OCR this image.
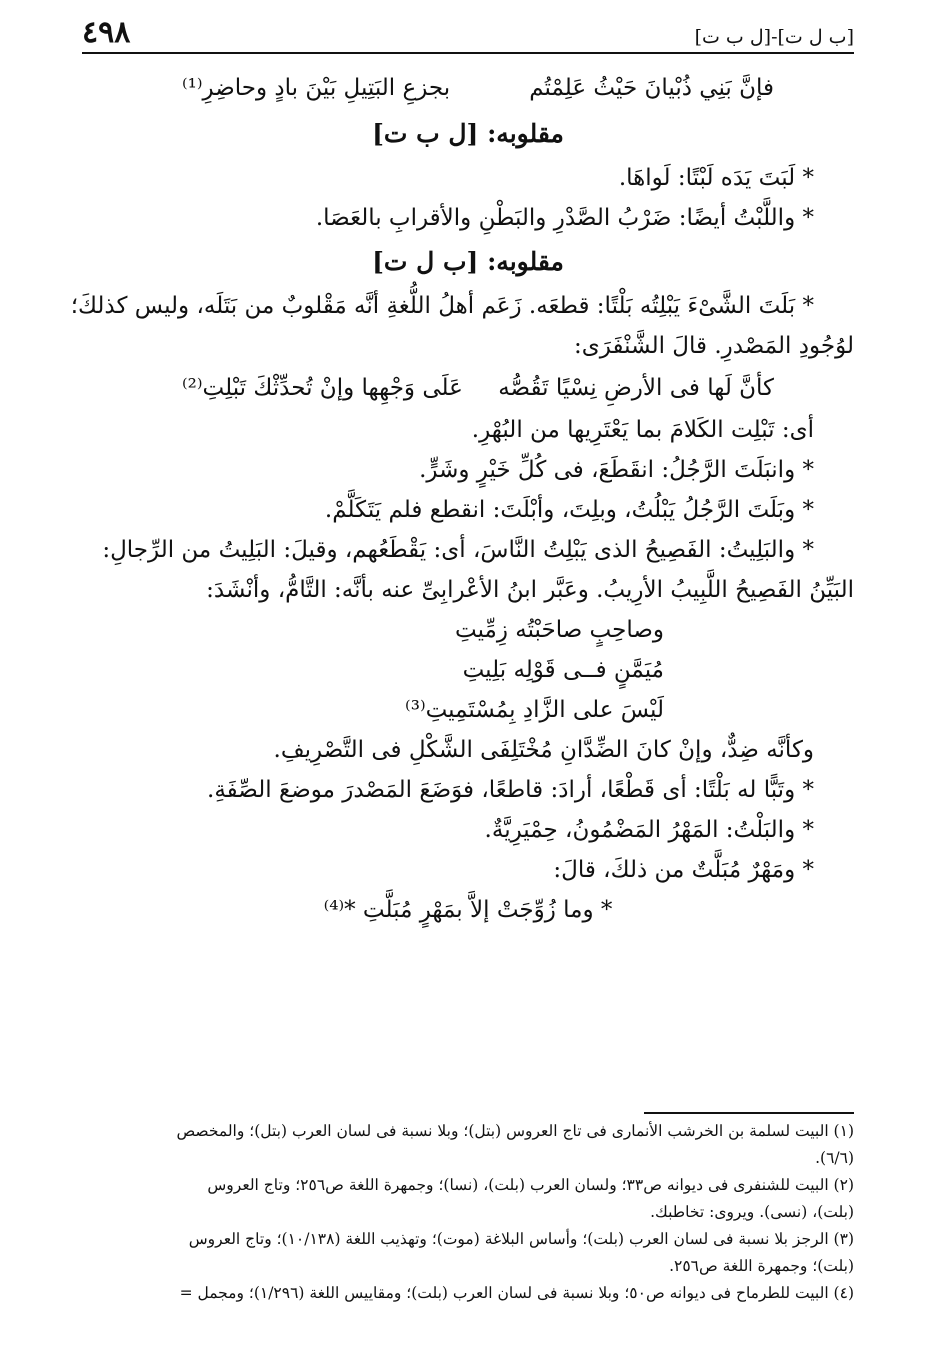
٤٩٨	[ل ب ت]-[ب ل ت]
فإنَّ بَنِي ذُبْيانَ حَيْثُ عَلِمْتُم
بجزعِ البَتِيلِ بَيْنَ بادٍ وحاضِرِ⁽¹⁾
مقلوبه: [ل ب ت]
* لَبَتَ يَدَه لَبْتًا: لَواهَا.
* واللَّبْتُ أيضًا: ضَرْبُ الصَّدْرِ والبَطْنِ والأقرابِ بالعَصَا.
مقلوبه: [ب ل ت]
* بَلَتَ الشَّىْءَ يَبْلِتُه بَلْتًا: قطعَه. زَعَم أهلُ اللُّغةِ أنَّه مَقْلوبٌ من بَتَلَه، وليس كذلكَ؛
لوُجُودِ المَصْدرِ. قالَ الشَّنْفَرَى:
كأنَّ لَها فى الأرضِ نِسْيًا تَقُصُّه
عَلَى وَجْهِها وإنْ تُحدِّثْكَ تَبْلِتِ⁽²⁾
أى: تَبْلِت الكَلامَ بما يَعْتَرِيها من البُهْرِ.
* وانبَلَتَ الرَّجُلُ: انقَطَعَ، فى كُلِّ خَيْرٍ وشَرٍّ.
* وبَلَتَ الرَّجُلُ يَبْلُتُ، وبلِتَ، وأبْلَتَ: انقطع فلم يَتَكَلَّمْ.
* والبَلِيتُ: الفَصِيحُ الذى يَبْلِتُ النَّاسَ، أى: يَقْطَعُهم، وقيلَ: البَلِيتُ من الرِّجالِ:
البَيِّنُ الفَصِيحُ اللَّبِيبُ الأرِيبُ. وعَبَّر ابنُ الأعْرابِىِّ عنه بأنَّه: التَّامُّ، وأنْشَدَ:
وصاحِبٍ صاحَبْتُه زِمِّيتِ
مُيَمَّنٍ فــى قَوْلِه بَلِيتِ
لَيْسَ على الزَّادِ بِمُسْتَمِيتِ⁽³⁾
وكأنَّه ضِدٌّ، وإنْ كانَ الضِّدَّانِ مُخْتَلِفَى الشَّكْلِ فى التَّصْرِيفِ.
* وتَبًّا له بَلْتًا: أى قَطْعًا، أرادَ: قاطعًا، فوَضَعَ المَصْدرَ موضعَ الصِّفَةِ.
* والبَلْتُ: المَهْرُ المَضْمُونُ، حِمْيَرِيَّةٌ.
* ومَهْرٌ مُبَلَّتٌ من ذلكَ، قالَ:
* وما زُوِّجَتْ إلاَّ بمَهْرٍ مُبَلَّتِ *⁽⁴⁾

(١) البيت لسلمة بن الخرشب الأنمارى فى تاج العروس (بتل)؛ وبلا نسبة فى لسان العرب (بتل)؛ والمخصص

(٦/٦).

(٢) البيت للشنفرى فى ديوانه ص٣٣؛ ولسان العرب (بلت)، (نسا)؛ وجمهرة اللغة ص٢٥٦؛ وتاج العروس

(بلت)، (نسى). ويروى: تخاطبك.

(٣) الرجز بلا نسبة فى لسان العرب (بلت)؛ وأساس البلاغة (موت)؛ وتهذيب اللغة (١٠/١٣٨)؛ وتاج العروس

(بلت)؛ وجمهرة اللغة ص٢٥٦.

(٤) البيت للطرماح فى ديوانه ص٥٠؛ وبلا نسبة فى لسان العرب (بلت)؛ ومقاييس اللغة (١/٢٩٦)؛ ومجمل =
